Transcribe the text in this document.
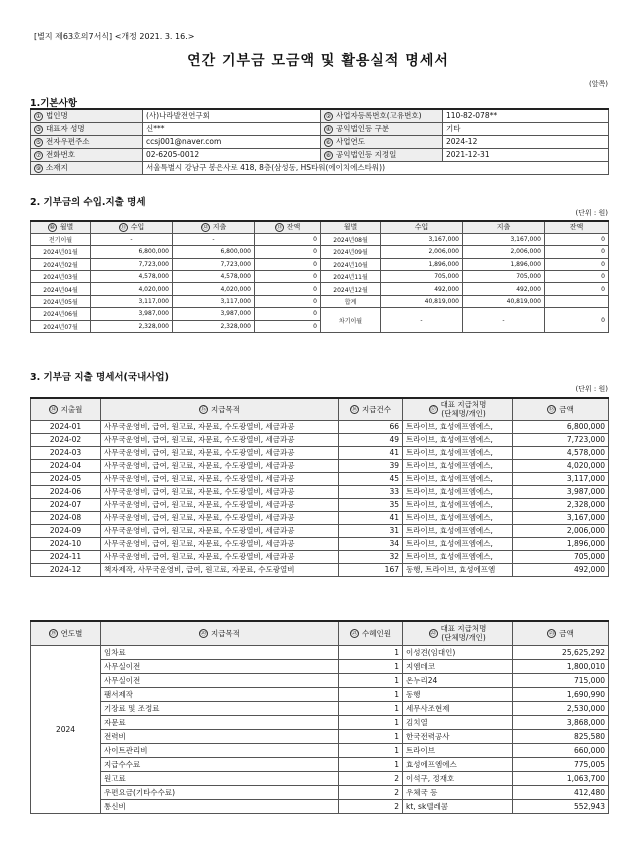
[별지 제63호의7서식] <개정 2021. 3. 16.>
연간 기부금 모금액 및 활용실적 명세서
(앞쪽)
1.기본사항
① 법인명	(사)나라발전연구회	② 사업자등록번호(고유번호)	110-82-078**
③ 대표자 성명	신***	④ 공익법인등 구분	기타
⑤ 전자우편주소	ccsj001@naver.com	⑥ 사업연도	2024-12
⑦ 전화번호	02-6205-0012	⑧ 공익법인등 지정일	2021-12-31
⑨ 소재지	서울특별시 강남구 봉은사로 418, 8층(삼성동, HS타워(에이치에스타워))		
2. 기부금의 수입.지출 명세
(단위 : 원)
⑩ 월별	⑪ 수입	⑫ 지출	⑬ 잔액	월별	수입	지출	잔액
전기이월	-	-	0	2024년08월	3,167,000	3,167,000	0
2024년01월	6,800,000	6,800,000	0	2024년09월	2,006,000	2,006,000	0
2024년02월	7,723,000	7,723,000	0	2024년10월	1,896,000	1,896,000	0
2024년03월	4,578,000	4,578,000	0	2024년11월	705,000	705,000	0
2024년04월	4,020,000	4,020,000	0	2024년12월	492,000	492,000	0
2024년05월	3,117,000	3,117,000	0	합계	40,819,000	40,819,000	
2024년06월	3,987,000	3,987,000	0	차기이월	-	-	0
2024년07월	2,328,000	2,328,000	0				
3. 기부금 지출 명세서(국내사업)
(단위 : 원)
⑭ 지출월	⑮ 지급목적	⑯ 지급건수	⑰ 대표 지급처명
(단체명/개인)	⑱ 금액
2024-01	사무국운영비, 급여, 원고료, 자문료, 수도광열비, 세금과공	66	트라이브, 효성에프엠에스,	6,800,000
2024-02	사무국운영비, 급여, 원고료, 자문료, 수도광열비, 세금과공	49	트라이브, 효성에프엠에스,	7,723,000
2024-03	사무국운영비, 급여, 원고료, 자문료, 수도광열비, 세금과공	41	트라이브, 효성에프엠에스,	4,578,000
2024-04	사무국운영비, 급여, 원고료, 자문료, 수도광열비, 세금과공	39	트라이브, 효성에프엠에스,	4,020,000
2024-05	사무국운영비, 급여, 원고료, 자문료, 수도광열비, 세금과공	45	트라이브, 효성에프엠에스,	3,117,000
2024-06	사무국운영비, 급여, 원고료, 자문료, 수도광열비, 세금과공	33	트라이브, 효성에프엠에스,	3,987,000
2024-07	사무국운영비, 급여, 원고료, 자문료, 수도광열비, 세금과공	35	트라이브, 효성에프엠에스,	2,328,000
2024-08	사무국운영비, 급여, 원고료, 자문료, 수도광열비, 세금과공	41	트라이브, 효성에프엠에스,	3,167,000
2024-09	사무국운영비, 급여, 원고료, 자문료, 수도광열비, 세금과공	31	트라이브, 효성에프엠에스,	2,006,000
2024-10	사무국운영비, 급여, 원고료, 자문료, 수도광열비, 세금과공	34	트라이브, 효성에프엠에스,	1,896,000
2024-11	사무국운영비, 급여, 원고료, 자문료, 수도광열비, 세금과공	32	트라이브, 효성에프엠에스,	705,000
2024-12	책자제작, 사무국운영비, 급여, 원고료, 자문료, 수도광열비	167	동행, 트라이브, 효성에프엠	492,000
⑲ 연도별	⑳ 지급목적	㉑ 수혜인원	㉒ 대표 지급처명
(단체명/개인)	㉓ 금액
2024	임차료	1	이성견(임대인)	25,625,292
	사무실이전	1	지엠데코	1,800,010
	사무실이전	1	온누리24	715,000
	팸서제작	1	동행	1,690,990
	기장료 및 조정료	1	세무사조현제	2,530,000
	자문료	1	김치열	3,868,000
	전력비	1	한국전력공사	825,580
	사이트관리비	1	트라이브	660,000
	지급수수료	1	효성에프엠에스	775,005
	원고료	2	이석구, 정재호	1,063,700
	우편요금(기타수수료)	2	우체국 등	412,480
	통신비	2	kt, sk텔레콤	552,943
